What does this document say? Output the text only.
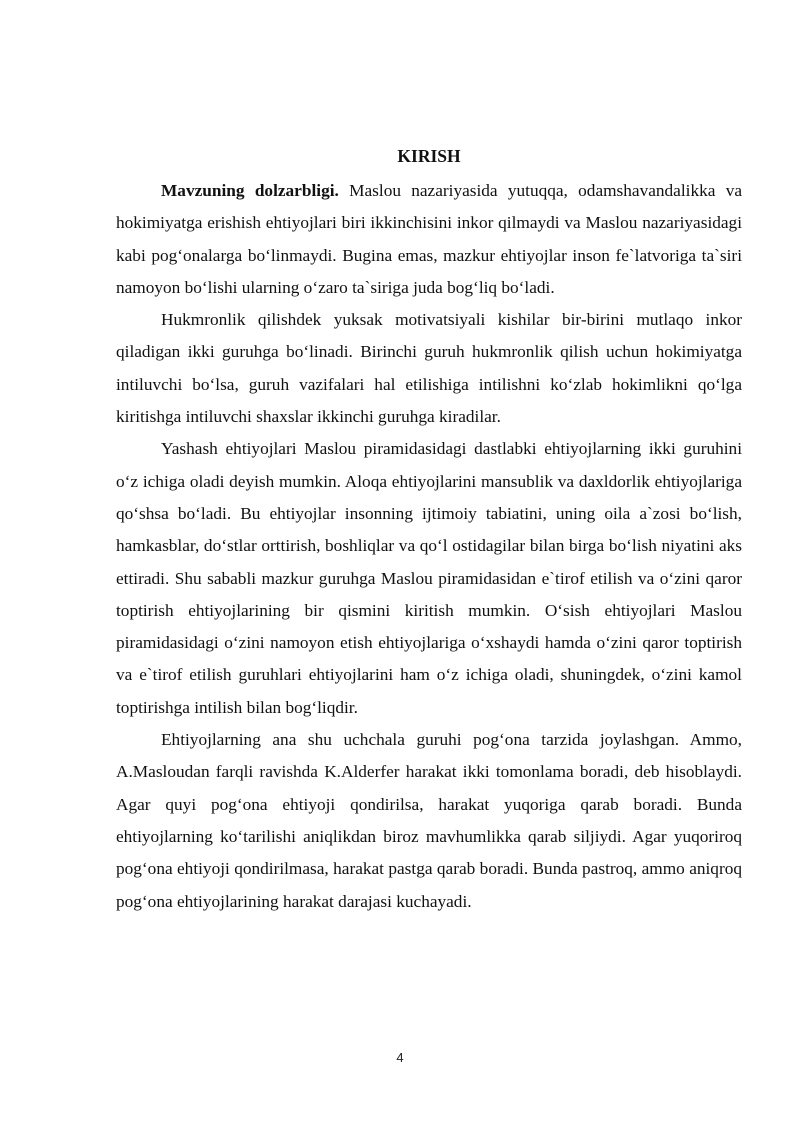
KIRISH

Mavzuning dolzarbligi. Maslou nazariyasida yutuqqa, odamshavandalikka va hokimiyatga erishish ehtiyojlari biri ikkinchisini inkor qilmaydi va Maslou nazariyasidagi kabi pog‘onalarga bo‘linmaydi. Bugina emas, mazkur ehtiyojlar inson fe`latvoriga ta`siri namoyon bo‘lishi ularning o‘zaro ta`siriga juda bog‘liq bo‘ladi.

Hukmronlik qilishdek yuksak motivatsiyali kishilar bir-birini mutlaqo inkor qiladigan ikki guruhga bo‘linadi. Birinchi guruh hukmronlik qilish uchun hokimiyatga intiluvchi bo‘lsa, guruh vazifalari hal etilishiga intilishni ko‘zlab hokimlikni qo‘lga kiritishga intiluvchi shaxslar ikkinchi guruhga kiradilar.

Yashash ehtiyojlari Maslou piramidasidagi dastlabki ehtiyojlarning ikki guruhini o‘z ichiga oladi deyish mumkin. Aloqa ehtiyojlarini mansublik va daxldorlik ehtiyojlariga qo‘shsa bo‘ladi. Bu ehtiyojlar insonning ijtimoiy tabiatini, uning oila a`zosi bo‘lish, hamkasblar, do‘stlar orttirish, boshliqlar va qo‘l ostidagilar bilan birga bo‘lish niyatini aks ettiradi. Shu sababli mazkur guruhga Maslou piramidasidan e`tirof etilish va o‘zini qaror toptirish ehtiyojlarining bir qismini kiritish mumkin. O‘sish ehtiyojlari Maslou piramidasidagi o‘zini namoyon etish ehtiyojlariga o‘xshaydi hamda o‘zini qaror toptirish va e`tirof etilish guruhlari ehtiyojlarini ham o‘z ichiga oladi, shuningdek, o‘zini kamol toptirishga intilish bilan bog‘liqdir.

Ehtiyojlarning ana shu uchchala guruhi pog‘ona tarzida joylashgan. Ammo, A.Masloudan farqli ravishda K.Alderfer harakat ikki tomonlama boradi, deb hisoblaydi. Agar quyi pog‘ona ehtiyoji qondirilsa, harakat yuqoriga qarab boradi. Bunda ehtiyojlarning ko‘tarilishi aniqlikdan biroz mavhumlikka qarab siljiydi. Agar yuqoriroq pog‘ona ehtiyoji qondirilmasa, harakat pastga qarab boradi. Bunda pastroq, ammo aniqroq pog‘ona ehtiyojlarining harakat darajasi kuchayadi.

4
